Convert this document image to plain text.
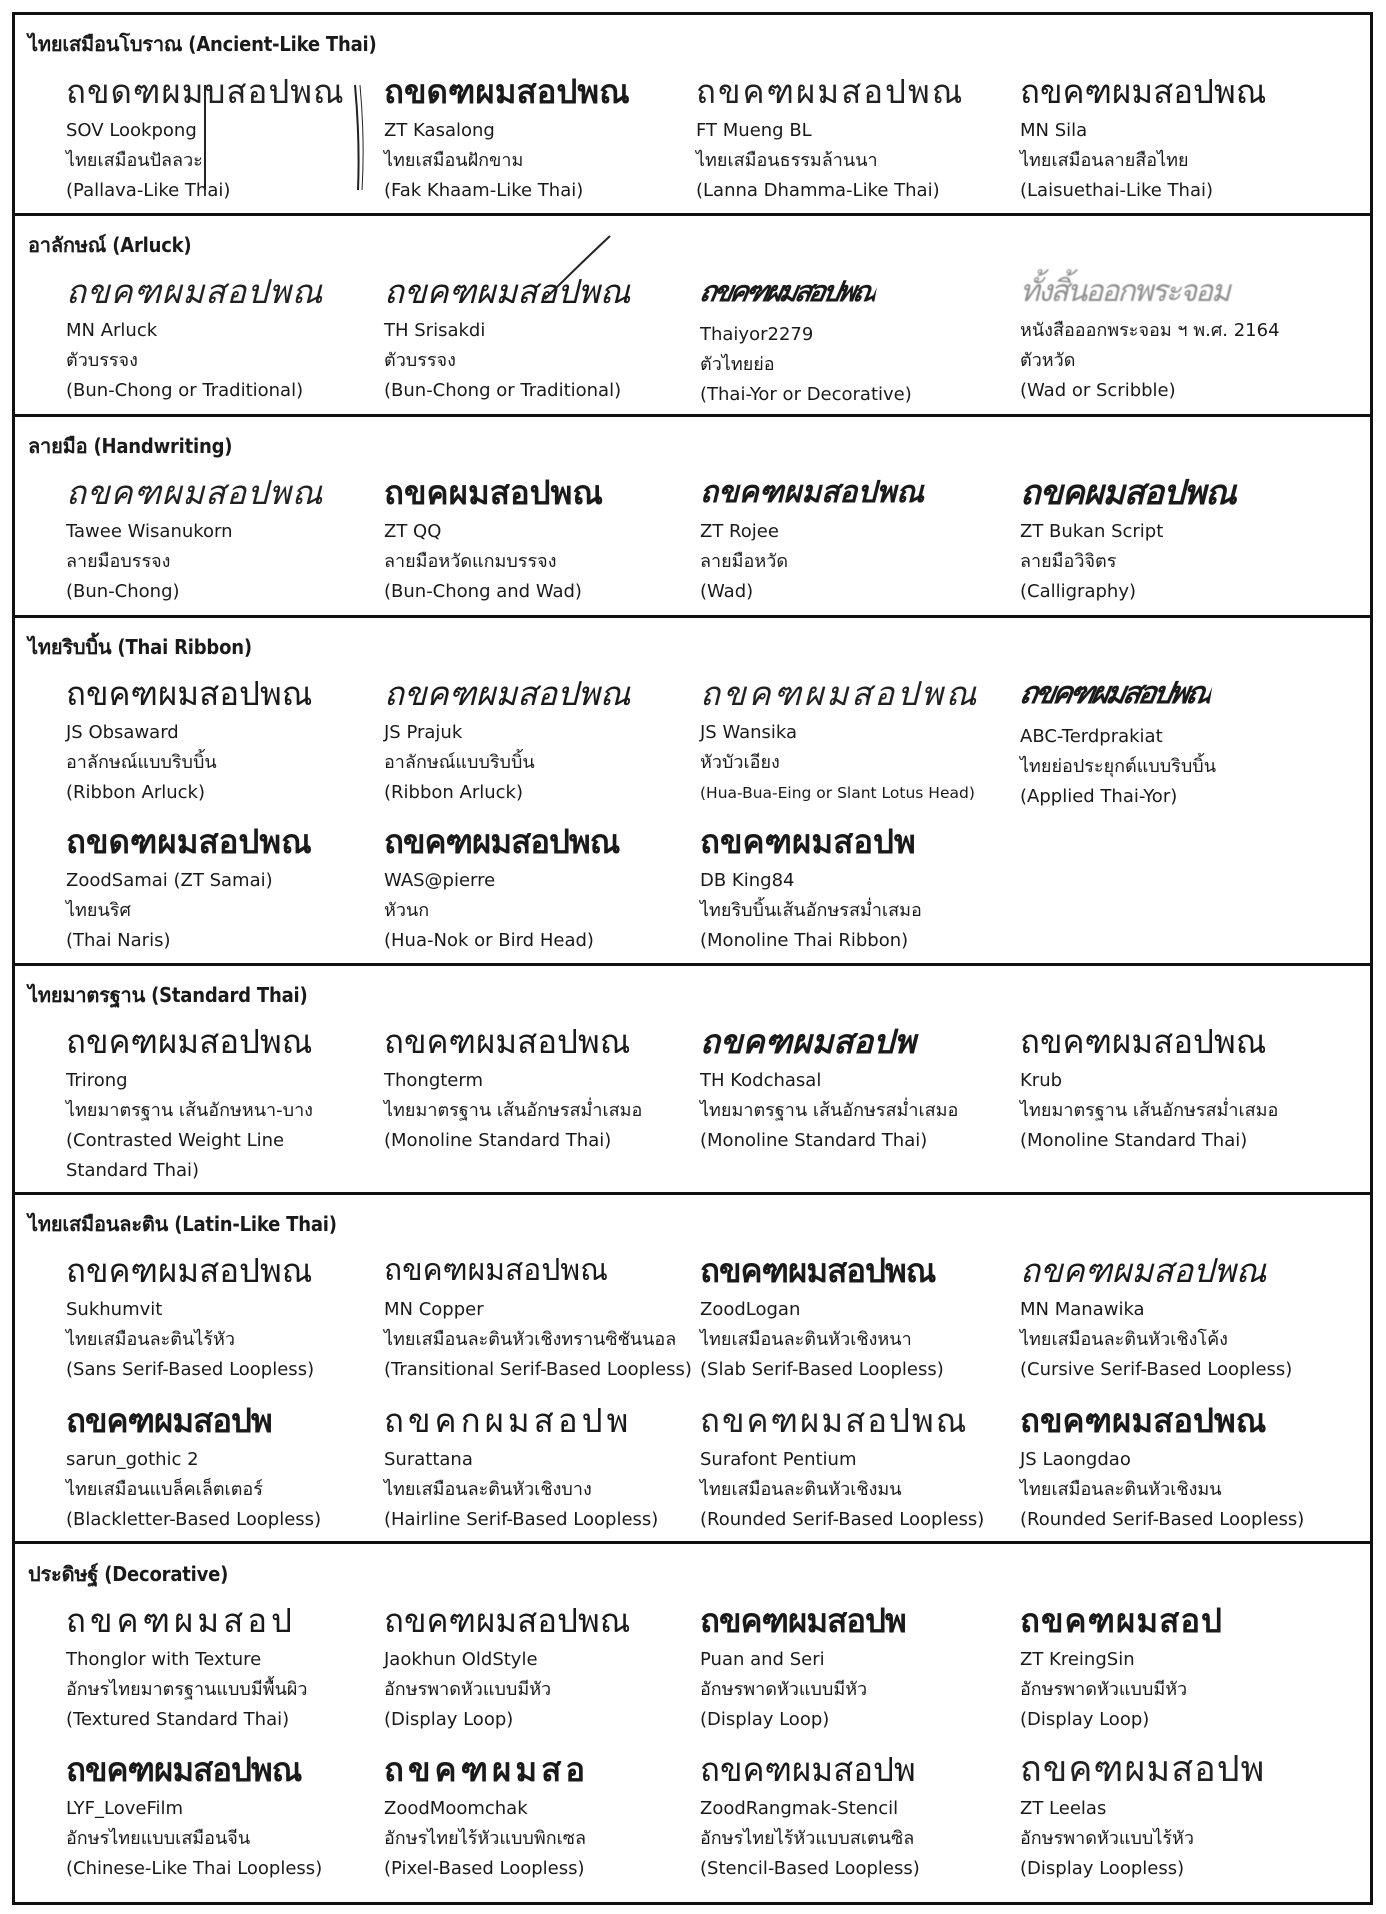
ไทยเสมือนโบราณ (Ancient-Like Thai)
ถขดฑผมบสอปพณ
SOV Lookpong
ไทยเสมือนปัลลวะ
(Pallava-Like Thai)
ถขดฑผมสอปพณ
ZT Kasalong
ไทยเสมือนฝักขาม
(Fak Khaam-Like Thai)
ถขคฑผมสอปพณ
FT Mueng BL
ไทยเสมือนธรรมล้านนา
(Lanna Dhamma-Like Thai)
ถขคฑผมสอปพณ
MN Sila
ไทยเสมือนลายสือไทย
(Laisuethai-Like Thai)
อาลักษณ์ (Arluck)
ถขคฑผมสอปพณ
MN Arluck
ตัวบรรจง
(Bun-Chong or Traditional)
ถขคฑผมสอปพณ
TH Srisakdi
ตัวบรรจง
(Bun-Chong or Traditional)
ถขคฑผมสอปพณ
Thaiyor2279
ตัวไทยย่อ
(Thai-Yor or Decorative)
ทั้งสิ้นออกพระจอม
หนังสือออกพระจอม ฯ พ.ศ. 2164
ตัวหวัด
(Wad or Scribble)
ลายมือ (Handwriting)
ถขคฑผมสอปพณ
Tawee Wisanukorn
ลายมือบรรจง
(Bun-Chong)
ถขคผมสอปพณ
ZT QQ
ลายมือหวัดแกมบรรจง
(Bun-Chong and Wad)
ถขคฑผมสอปพณ
ZT Rojee
ลายมือหวัด
(Wad)
ถขคผมสอปพณ
ZT Bukan Script
ลายมือวิจิตร
(Calligraphy)
ไทยริบบิ้น (Thai Ribbon)
ถขคฑผมสอปพณ
JS Obsaward
อาลักษณ์แบบริบบิ้น
(Ribbon Arluck)
ถขคฑผมสอปพณ
JS Prajuk
อาลักษณ์แบบริบบิ้น
(Ribbon Arluck)
ถขคฑผมสอปพณ
JS Wansika
หัวบัวเอียง
(Hua-Bua-Eing or Slant Lotus Head)
ถขคฑผมสอปพณ
ABC-Terdprakiat
ไทยย่อประยุกต์แบบริบบิ้น
(Applied Thai-Yor)
ถขดฑผมสอปพณ
ZoodSamai (ZT Samai)
ไทยนริศ
(Thai Naris)
ถขคฑผมสอปพณ
WAS@pierre
หัวนก
(Hua-Nok or Bird Head)
ถขคฑผมสอปพ
DB King84
ไทยริบบิ้นเส้นอักษรสม่ำเสมอ
(Monoline Thai Ribbon)
ไทยมาตรฐาน (Standard Thai)
ถขคฑผมสอปพณ
Trirong
ไทยมาตรฐาน เส้นอักษหนา-บาง
(Contrasted Weight Line
Standard Thai)
ถขคฑผมสอปพณ
Thongterm
ไทยมาตรฐาน เส้นอักษรสม่ำเสมอ
(Monoline Standard Thai)
ถขคฑผมสอปพ
TH Kodchasal
ไทยมาตรฐาน เส้นอักษรสม่ำเสมอ
(Monoline Standard Thai)
ถขคฑผมสอปพณ
Krub
ไทยมาตรฐาน เส้นอักษรสม่ำเสมอ
(Monoline Standard Thai)
ไทยเสมือนละติน (Latin-Like Thai)
ถขคฑผมสอปพณ
Sukhumvit
ไทยเสมือนละตินไร้หัว
(Sans Serif-Based Loopless)
ถขคฑผมสอปพณ
MN Copper
ไทยเสมือนละตินหัวเชิงทรานซิชันนอล
(Transitional Serif-Based Loopless)
ถขคฑผมสอปพณ
ZoodLogan
ไทยเสมือนละตินหัวเชิงหนา
(Slab Serif-Based Loopless)
ถขคฑผมสอปพณ
MN Manawika
ไทยเสมือนละตินหัวเชิงโค้ง
(Cursive Serif-Based Loopless)
ถขคฑผมสอปพ
sarun_gothic 2
ไทยเสมือนแบล็คเล็ตเตอร์
(Blackletter-Based Loopless)
ถขคกผมสอปพ
Surattana
ไทยเสมือนละตินหัวเชิงบาง
(Hairline Serif-Based Loopless)
ถขคฑผมสอปพณ
Surafont Pentium
ไทยเสมือนละตินหัวเชิงมน
(Rounded Serif-Based Loopless)
ถขคฑผมสอปพณ
JS Laongdao
ไทยเสมือนละตินหัวเชิงมน
(Rounded Serif-Based Loopless)
ประดิษฐ์ (Decorative)
ถขคฑผมสอป
Thonglor with Texture
อักษรไทยมาตรฐานแบบมีพื้นผิว
(Textured Standard Thai)
ถขคฑผมสอปพณ
Jaokhun OldStyle
อักษรพาดหัวแบบมีหัว
(Display Loop)
ถขคฑผมสอปพ
Puan and Seri
อักษรพาดหัวแบบมีหัว
(Display Loop)
ถขคฑผมสอป
ZT KreingSin
อักษรพาดหัวแบบมีหัว
(Display Loop)
ถขคฑผมสอปพณ
LYF_LoveFilm
อักษรไทยแบบเสมือนจีน
(Chinese-Like Thai Loopless)
ถขคฑผมสอ
ZoodMoomchak
อักษรไทยไร้หัวแบบพิกเซล
(Pixel-Based Loopless)
ถขคฑผมสอปพ
ZoodRangmak-Stencil
อักษรไทยไร้หัวแบบสเตนซิล
(Stencil-Based Loopless)
ถขคฑผมสอปพ
ZT Leelas
อักษรพาดหัวแบบไร้หัว
(Display Loopless)
